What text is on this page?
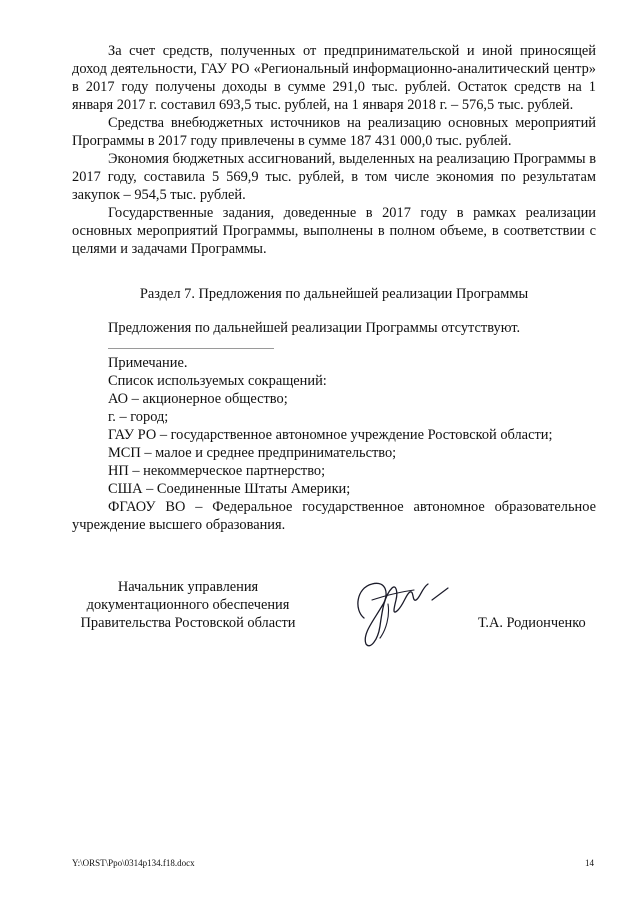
За счет средств, полученных от предпринимательской и иной приносящей доход деятельности, ГАУ РО «Региональный информационно-аналитический центр» в 2017 году получены доходы в сумме 291,0 тыс. рублей. Остаток средств на 1 января 2017 г. составил 693,5 тыс. рублей, на 1 января 2018 г. – 576,5 тыс. рублей.

Средства внебюджетных источников на реализацию основных мероприятий Программы в 2017 году привлечены в сумме 187 431 000,0 тыс. рублей.

Экономия бюджетных ассигнований, выделенных на реализацию Программы в 2017 году, составила 5 569,9 тыс. рублей, в том числе экономия по результатам закупок – 954,5 тыс. рублей.

Государственные задания, доведенные в 2017 году в рамках реализации основных мероприятий Программы, выполнены в полном объеме, в соответствии с целями и задачами Программы.

Раздел 7. Предложения по дальнейшей реализации Программы

Предложения по дальнейшей реализации Программы отсутствуют.

Примечание.

Список используемых сокращений:

АО – акционерное общество;

г. – город;

ГАУ РО – государственное автономное учреждение Ростовской области;

МСП – малое и среднее предпринимательство;

НП – некоммерческое партнерство;

США – Соединенные Штаты Америки;

ФГАОУ ВО – Федеральное государственное автономное образовательное учреждение высшего образования.

Начальник управления
документационного обеспечения
Правительства Ростовской области	Т.А. Родионченко
Y:\ORST\Ppo\0314p134.f18.docx	14
